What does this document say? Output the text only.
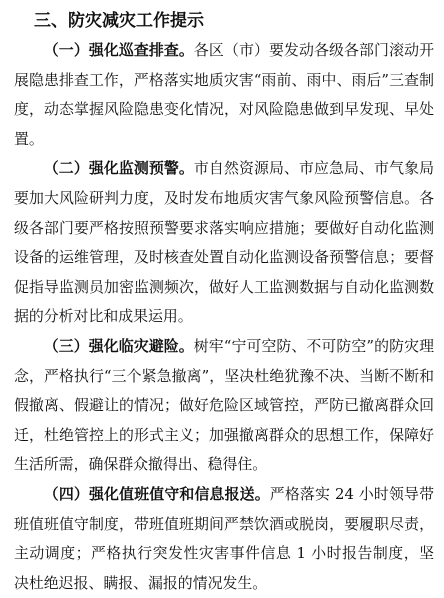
三、防灾减灾工作提示

（一）强化巡查排查。各区（市）要发动各级各部门滚动开展隐患排查工作，严格落实地质灾害“雨前、雨中、雨后”三查制度，动态掌握风险隐患变化情况，对风险隐患做到早发现、早处置。

（二）强化监测预警。市自然资源局、市应急局、市气象局要加大风险研判力度，及时发布地质灾害气象风险预警信息。各级各部门要严格按照预警要求落实响应措施；要做好自动化监测设备的运维管理，及时核查处置自动化监测设备预警信息；要督促指导监测员加密监测频次，做好人工监测数据与自动化监测数据的分析对比和成果运用。

（三）强化临灾避险。树牢“宁可空防、不可防空”的防灾理念，严格执行“三个紧急撤离”，坚决杜绝犹豫不决、当断不断和假撤离、假避让的情况；做好危险区域管控，严防已撤离群众回迁，杜绝管控上的形式主义；加强撤离群众的思想工作，保障好生活所需，确保群众撤得出、稳得住。

（四）强化值班值守和信息报送。严格落实 24 小时领导带班值班值守制度，带班值班期间严禁饮酒或脱岗，要履职尽责，主动调度；严格执行突发性灾害事件信息 1 小时报告制度，坚决杜绝迟报、瞒报、漏报的情况发生。
